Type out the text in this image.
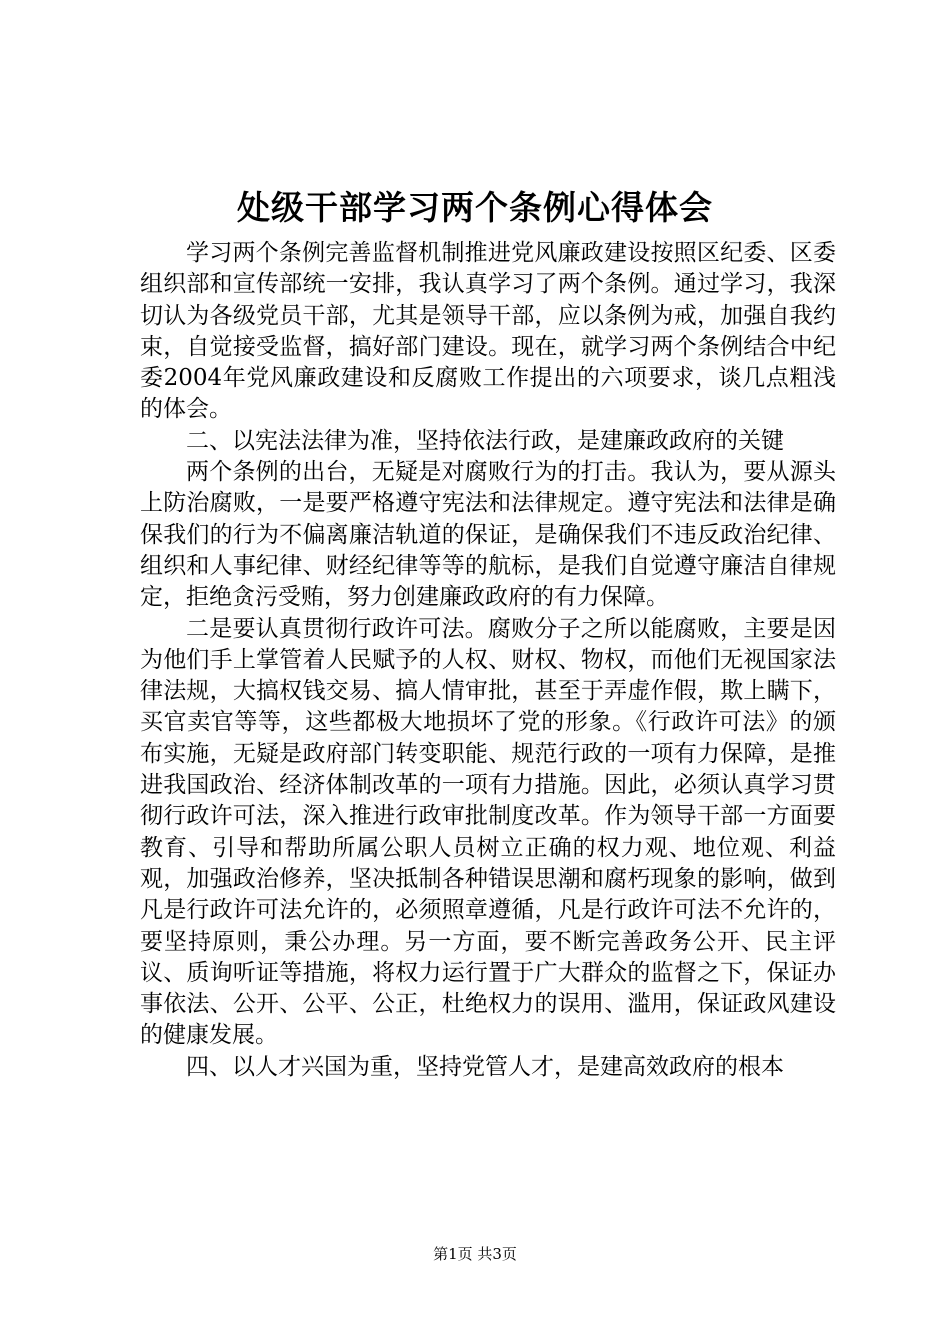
处级干部学习两个条例心得体会

学习两个条例完善监督机制推进党风廉政建设按照区纪委、区委组织部和宣传部统一安排，我认真学习了两个条例。通过学习，我深切认为各级党员干部，尤其是领导干部，应以条例为戒，加强自我约束，自觉接受监督，搞好部门建设。现在，就学习两个条例结合中纪委2004年党风廉政建设和反腐败工作提出的六项要求，谈几点粗浅的体会。

二、以宪法法律为准，坚持依法行政，是建廉政政府的关键

两个条例的出台，无疑是对腐败行为的打击。我认为，要从源头上防治腐败，一是要严格遵守宪法和法律规定。遵守宪法和法律是确保我们的行为不偏离廉洁轨道的保证，是确保我们不违反政治纪律、组织和人事纪律、财经纪律等等的航标，是我们自觉遵守廉洁自律规定，拒绝贪污受贿，努力创建廉政政府的有力保障。

二是要认真贯彻行政许可法。腐败分子之所以能腐败，主要是因为他们手上掌管着人民赋予的人权、财权、物权，而他们无视国家法律法规，大搞权钱交易、搞人情审批，甚至于弄虚作假，欺上瞒下，买官卖官等等，这些都极大地损坏了党的形象。《行政许可法》的颁布实施，无疑是政府部门转变职能、规范行政的一项有力保障，是推进我国政治、经济体制改革的一项有力措施。因此，必须认真学习贯彻行政许可法，深入推进行政审批制度改革。作为领导干部一方面要教育、引导和帮助所属公职人员树立正确的权力观、地位观、利益观，加强政治修养，坚决抵制各种错误思潮和腐朽现象的影响，做到凡是行政许可法允许的，必须照章遵循，凡是行政许可法不允许的，要坚持原则，秉公办理。另一方面，要不断完善政务公开、民主评议、质询听证等措施，将权力运行置于广大群众的监督之下，保证办事依法、公开、公平、公正，杜绝权力的误用、滥用，保证政风建设的健康发展。

四、以人才兴国为重，坚持党管人才，是建高效政府的根本

第1页 共3页
